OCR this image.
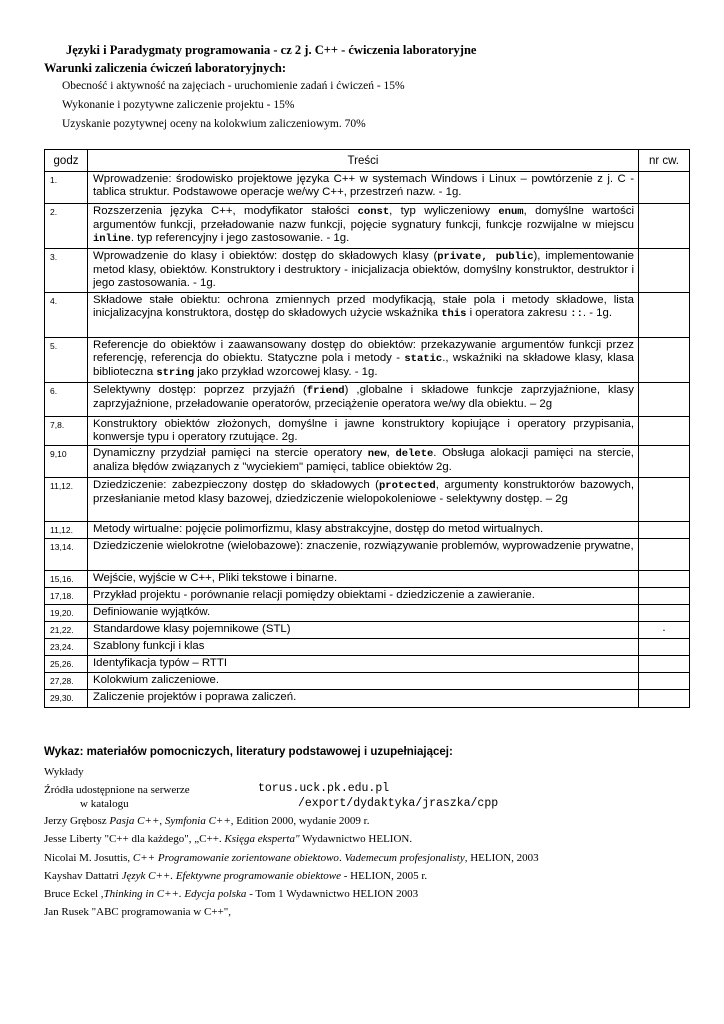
Języki i Paradygmaty programowania - cz 2 j. C++ - ćwiczenia laboratoryjne
Warunki zaliczenia ćwiczeń laboratoryjnych:
Obecność i aktywność na zajęciach - uruchomienie zadań i ćwiczeń - 15%
Wykonanie i pozytywne zaliczenie projektu - 15%
Uzyskanie pozytywnej oceny na kolokwium zaliczeniowym. 70%
godz	Treści	nr cw.
1.	Wprowadzenie: środowisko projektowe języka C++ w systemach Windows i Linux – powtórzenie z j. C - tablica struktur. Podstawowe operacje we/wy C++, przestrzeń nazw. - 1g.	
2.	Rozszerzenia języka C++, modyfikator stałości const, typ wyliczeniowy enum, domyślne wartości argumentów funkcji, przeładowanie nazw funkcji, pojęcie sygnatury funkcji, funkcje rozwijalne w miejscu inline. typ referencyjny i jego zastosowanie. - 1g.	
3.	Wprowadzenie do klasy i obiektów: dostęp do składowych klasy (private, public), implementowanie metod klasy, obiektów. Konstruktory i destruktory - inicjalizacja obiektów, domyślny konstruktor, destruktor i jego zastosowania. - 1g.	
4.	Składowe stałe obiektu: ochrona zmiennych przed modyfikacją, stałe pola i metody składowe, lista inicjalizacyjna konstruktora, dostęp do składowych użycie wskaźnika this i operatora zakresu ::. - 1g.	
5.	Referencje do obiektów i zaawansowany dostęp do obiektów: przekazywanie argumentów funkcji przez referencję, referencja do obiektu. Statyczne pola i metody - static., wskaźniki na składowe klasy, klasa biblioteczna string jako przykład wzorcowej klasy. - 1g.	
6.	Selektywny dostęp: poprzez przyjaźń (friend) ,globalne i składowe funkcje zaprzyjaźnione, klasy zaprzyjaźnione, przeładowanie operatorów, przeciążenie operatora we/wy dla obiektu. – 2g	
7,8.	Konstruktory obiektów złożonych, domyślne i jawne konstruktory kopiujące i operatory przypisania, konwersje typu i operatory rzutujące. 2g.	
9,10	Dynamiczny przydział pamięci na stercie operatory new, delete. Obsługa alokacji pamięci na stercie, analiza błędów związanych z "wyciekiem" pamięci, tablice obiektów 2g.	
11,12.	Dziedziczenie: zabezpieczony dostęp do składowych (protected, argumenty konstruktorów bazowych, przesłanianie metod klasy bazowej, dziedziczenie wielopokoleniowe - selektywny dostęp. – 2g	
11,12.	Metody wirtualne: pojęcie polimorfizmu, klasy abstrakcyjne, dostęp do metod wirtualnych.	
13,14.	Dziedziczenie wielokrotne (wielobazowe): znaczenie, rozwiązywanie problemów, wyprowadzenie prywatne,	
15,16.	Wejście, wyjście w C++, Pliki tekstowe i binarne.	
17,18.	Przykład projektu - porównanie relacji pomiędzy obiektami - dziedziczenie a zawieranie.	
19,20.	Definiowanie wyjątków.	
21,22.	Standardowe klasy pojemnikowe (STL)	.
23,24.	Szablony funkcji i klas	
25,26.	Identyfikacja typów – RTTI	
27,28.	Kolokwium zaliczeniowe.	
29,30.	Zaliczenie projektów i poprawa zaliczeń.	
Wykaz: materiałów pomocniczych, literatury podstawowej i uzupełniającej:
Wykłady
Źródła udostępnione na serwerze	torus.uck.pk.edu.pl
w katalogu	/export/dydaktyka/jraszka/cpp
Jerzy Grębosz Pasja C++, Symfonia C++, Edition 2000, wydanie 2009 r.
Jesse Liberty "C++ dla każdego", „C++. Księga eksperta" Wydawnictwo HELION.
Nicolai M. Josuttis, C++ Programowanie zorientowane obiektowo. Vademecum profesjonalisty, HELION, 2003
Kayshav Dattatri Język C++. Efektywne programowanie obiektowe - HELION, 2005 r.
Bruce Eckel ,Thinking in C++. Edycja polska - Tom 1 Wydawnictwo HELION 2003
Jan Rusek "ABC programowania w C++",
